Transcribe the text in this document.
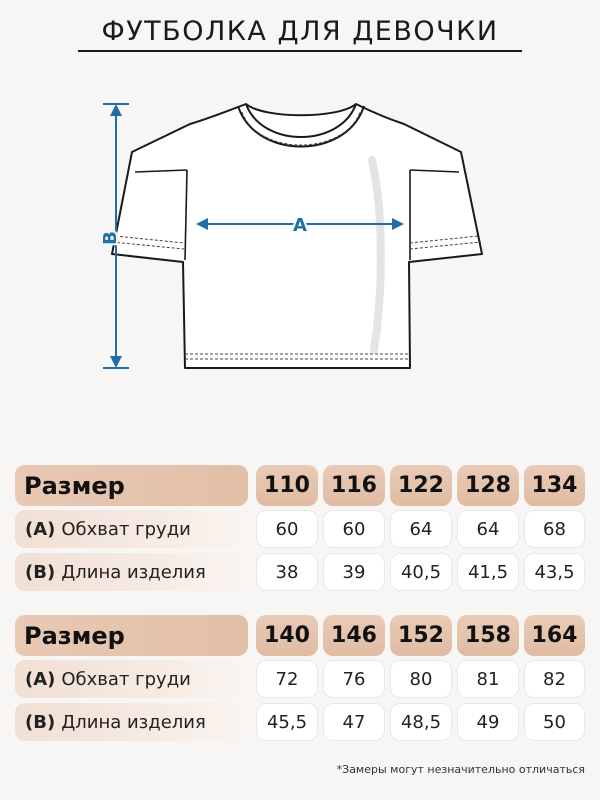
ФУТБОЛКА ДЛЯ ДЕВОЧКИ
A
B
Размер	110 116 122 128 134
(A) Обхват груди	60	60	64	64	68
(B) Длина изделия	38	39	40,5	41,5	43,5
Размер	140 146 152 158 164
(A) Обхват груди	72	76	80	81	82
(B) Длина изделия	45,5	47	48,5	49	50
*Замеры могут незначительно отличаться
